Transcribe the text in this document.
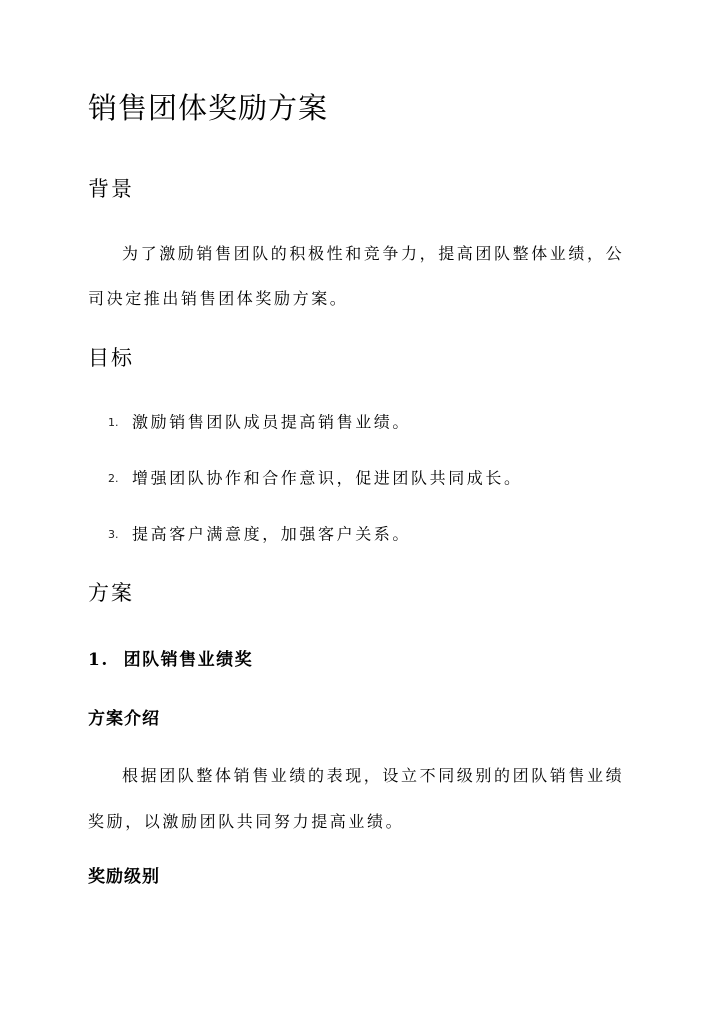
销售团体奖励方案
背景

为了激励销售团队的积极性和竞争力，提高团队整体业绩，公

司决定推出销售团体奖励方案。

目标
1. 激励销售团队成员提高销售业绩。
2. 增强团队协作和合作意识，促进团队共同成长。
3. 提高客户满意度，加强客户关系。
方案
1.  团队销售业绩奖
方案介绍

根据团队整体销售业绩的表现，设立不同级别的团队销售业绩

奖励，以激励团队共同努力提高业绩。

奖励级别
